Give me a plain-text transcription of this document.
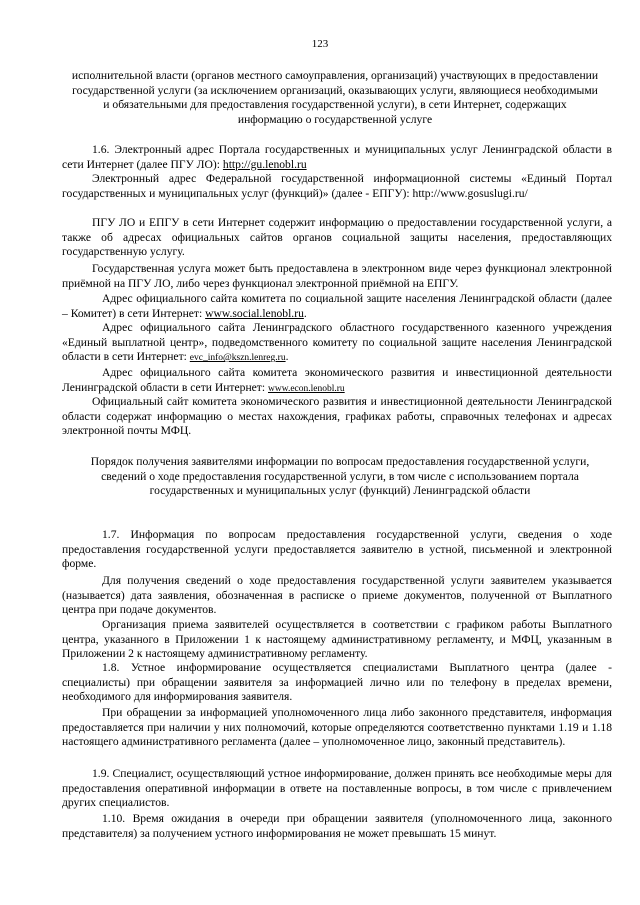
123

исполнительной власти (органов местного самоуправления, организаций) участвующих в предоставлении государственной услуги (за исключением организаций, оказывающих услуги, являющиеся необходимыми и обязательными для предоставления государственной услуги), в сети Интернет, содержащих информацию о государственной услуге

1.6. Электронный адрес Портала государственных и муниципальных услуг Ленинградской области в сети Интернет (далее ПГУ ЛО): http://gu.lenobl.ru

Электронный адрес Федеральной государственной информационной системы «Единый Портал государственных и муниципальных услуг (функций)» (далее - ЕПГУ): http://www.gosuslugi.ru/

ПГУ ЛО и ЕПГУ в сети Интернет содержит информацию о предоставлении государственной услуги, а также об адресах официальных сайтов органов социальной защиты населения, предоставляющих государственную услугу.

Государственная услуга может быть предоставлена в электронном виде через функционал электронной приёмной на ПГУ ЛО, либо через функционал электронной приёмной на ЕПГУ.

Адрес официального сайта комитета по социальной защите населения Ленинградской области (далее – Комитет) в сети Интернет: www.social.lenobl.ru.

Адрес официального сайта Ленинградского областного государственного казенного учреждения «Единый выплатной центр», подведомственного комитету по социальной защите населения Ленинградской области в сети Интернет: evc_info@kszn.lenreg.ru.

Адрес официального сайта комитета экономического развития и инвестиционной деятельности Ленинградской области в сети Интернет: www.econ.lenobl.ru

Официальный сайт комитета экономического развития и инвестиционной деятельности Ленинградской области содержат информацию о местах нахождения, графиках работы, справочных телефонах и адресах электронной почты МФЦ.

Порядок получения заявителями информации по вопросам предоставления государственной услуги, сведений о ходе предоставления государственной услуги, в том числе с использованием портала государственных и муниципальных услуг (функций) Ленинградской области

1.7. Информация по вопросам предоставления государственной услуги, сведения о ходе предоставления государственной услуги предоставляется заявителю в устной, письменной и электронной форме.

Для получения сведений о ходе предоставления государственной услуги заявителем указывается (называется) дата заявления, обозначенная в расписке о приеме документов, полученной от Выплатного центра при подаче документов.

Организация приема заявителей осуществляется в соответствии с графиком работы Выплатного центра, указанного в Приложении 1 к настоящему административному регламенту, и МФЦ, указанным в Приложении 2 к настоящему административному регламенту.

1.8. Устное информирование осуществляется специалистами Выплатного центра (далее - специалисты) при обращении заявителя за информацией лично или по телефону в пределах времени, необходимого для информирования заявителя.

При обращении за информацией уполномоченного лица либо законного представителя, информация предоставляется при наличии у них полномочий, которые определяются соответственно пунктами 1.19 и 1.18 настоящего административного регламента (далее – уполномоченное лицо, законный представитель).

1.9. Специалист, осуществляющий устное информирование, должен принять все необходимые меры для предоставления оперативной информации в ответе на поставленные вопросы, в том числе с привлечением других специалистов.

1.10. Время ожидания в очереди при обращении заявителя (уполномоченного лица, законного представителя) за получением устного информирования не может превышать 15 минут.
